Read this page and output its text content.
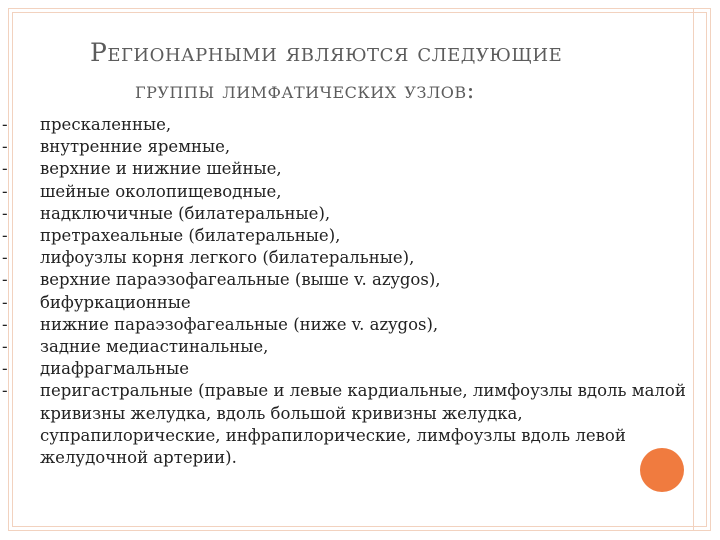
Регионарными являются следующие
группы лимфатических узлов:
- прескаленные,
- внутренние яремные,
- верхние и нижние шейные,
- шейные околопищеводные,
- надключичные (билатеральные),
- претрахеальные (билатеральные),
- лифоузлы корня легкого (билатеральные),
- верхние параэзофагеальные (выше v. azygos),
- бифуркационные
- нижние параэзофагеальные (ниже v. azygos),
- задние медиастинальные,
- диафрагмальные
- перигастральные (правые и левые кардиальные, лимфоузлы вдоль малой кривизны желудка, вдоль большой кривизны желудка, супрапилорические, инфрапилорические, лимфоузлы вдоль левой желудочной артерии).
